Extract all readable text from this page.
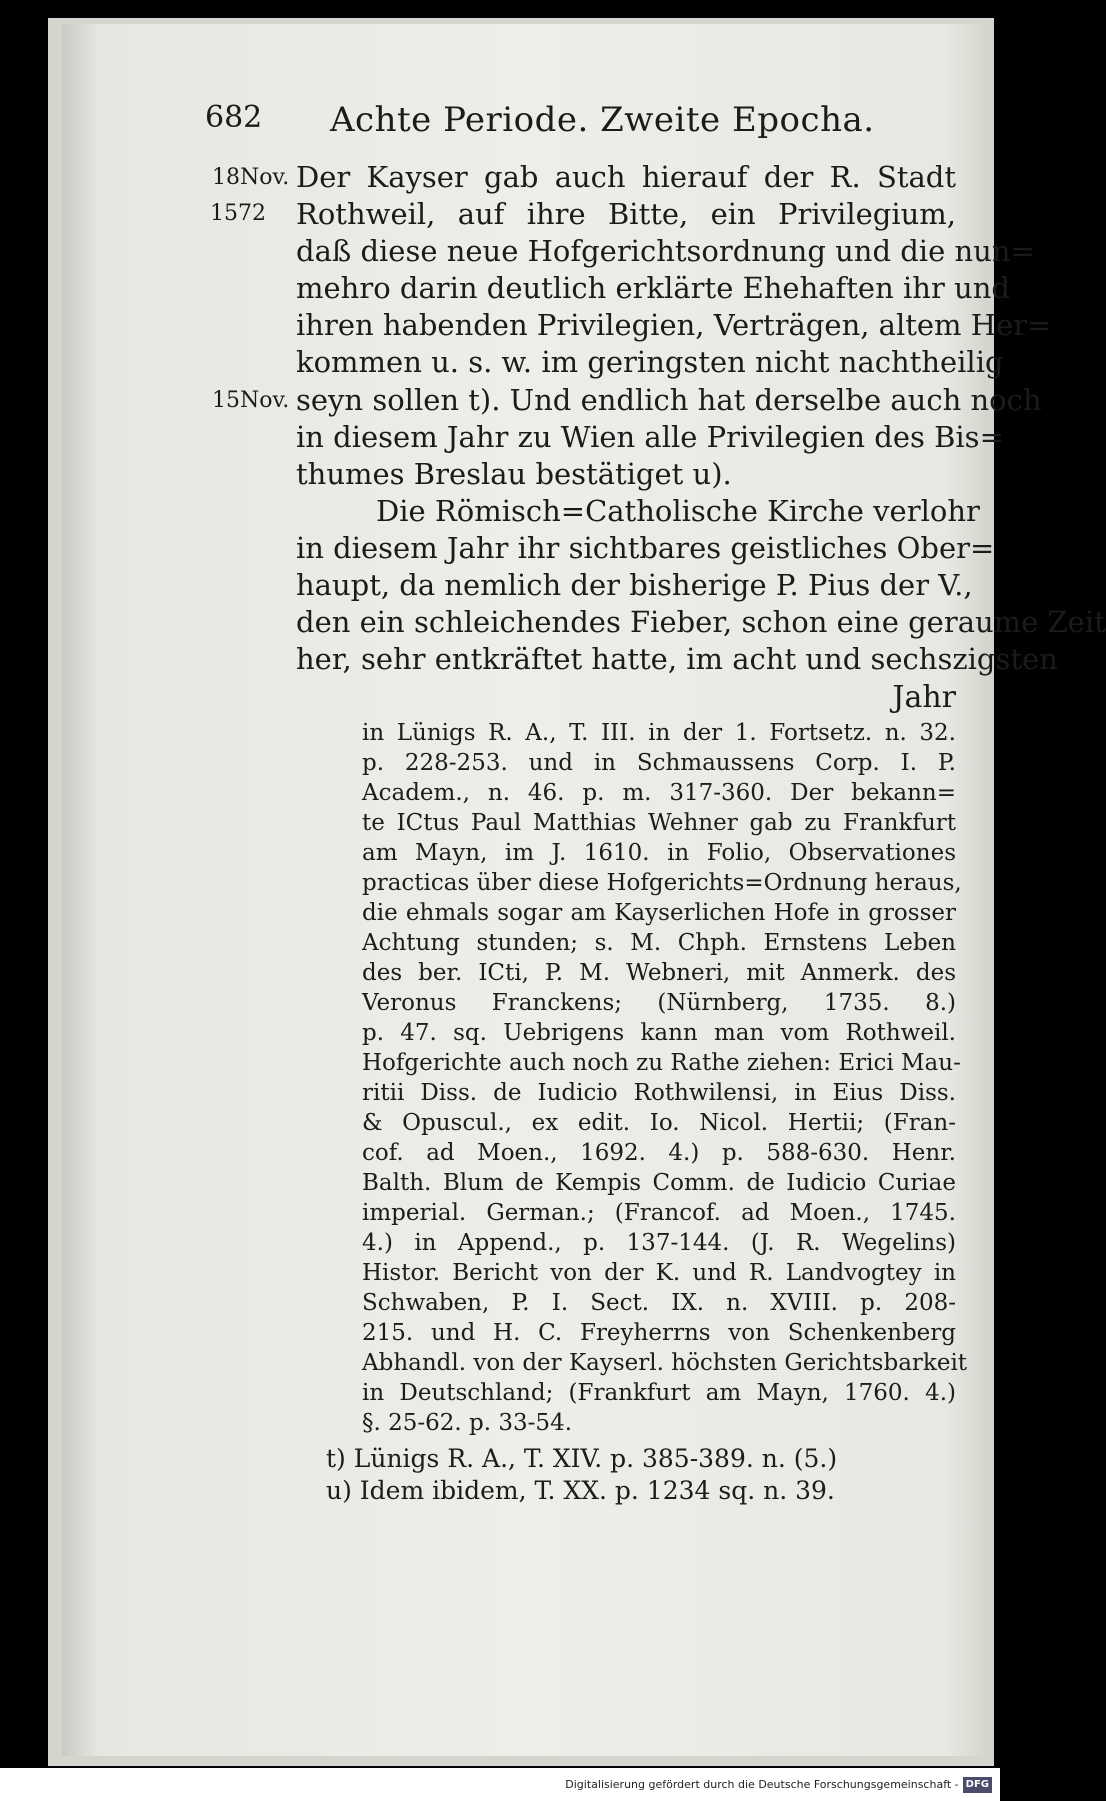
682 Achte Periode. Zweite Epocha.
18Nov.
1572
15Nov.
Der Kayser gab auch hierauf der R. Stadt
Rothweil, auf ihre Bitte, ein Privilegium,
daß diese neue Hofgerichtsordnung und die nun=
mehro darin deutlich erklärte Ehehaften ihr und
ihren habenden Privilegien, Verträgen, altem Her=
kommen u. s. w. im geringsten nicht nachtheilig
seyn sollen t). Und endlich hat derselbe auch noch
in diesem Jahr zu Wien alle Privilegien des Bis=
thumes Breslau bestätiget u).
Die Römisch=Catholische Kirche verlohr
in diesem Jahr ihr sichtbares geistliches Ober=
haupt, da nemlich der bisherige P. Pius der V.,
den ein schleichendes Fieber, schon eine geraume Zeit
her, sehr entkräftet hatte, im acht und sechszigsten
Jahr
in Lünigs R. A., T. III. in der 1. Fortsetz. n. 32.
p. 228-253. und in Schmaussens Corp. I. P.
Academ., n. 46. p. m. 317-360. Der bekann=
te ICtus Paul Matthias Wehner gab zu Frankfurt
am Mayn, im J. 1610. in Folio, Observationes
practicas über diese Hofgerichts=Ordnung heraus,
die ehmals sogar am Kayserlichen Hofe in grosser
Achtung stunden; s. M. Chph. Ernstens Leben
des ber. ICti, P. M. Webneri, mit Anmerk. des
Veronus Franckens; (Nürnberg, 1735. 8.)
p. 47. sq. Uebrigens kann man vom Rothweil.
Hofgerichte auch noch zu Rathe ziehen: Erici Mau-
ritii Diss. de Iudicio Rothwilensi, in Eius Diss.
& Opuscul., ex edit. Io. Nicol. Hertii; (Fran-
cof. ad Moen., 1692. 4.) p. 588-630. Henr.
Balth. Blum de Kempis Comm. de Iudicio Curiae
imperial. German.; (Francof. ad Moen., 1745.
4.) in Append., p. 137-144. (J. R. Wegelins)
Histor. Bericht von der K. und R. Landvogtey in
Schwaben, P. I. Sect. IX. n. XVIII. p. 208-
215. und H. C. Freyherrns von Schenkenberg
Abhandl. von der Kayserl. höchsten Gerichtsbarkeit
in Deutschland; (Frankfurt am Mayn, 1760. 4.)
§. 25-62. p. 33-54.
t) Lünigs R. A., T. XIV. p. 385-389. n. (5.)
u) Idem ibidem, T. XX. p. 1234 sq. n. 39.
Digitalisierung gefördert durch die Deutsche Forschungsgemeinschaft - DFG
